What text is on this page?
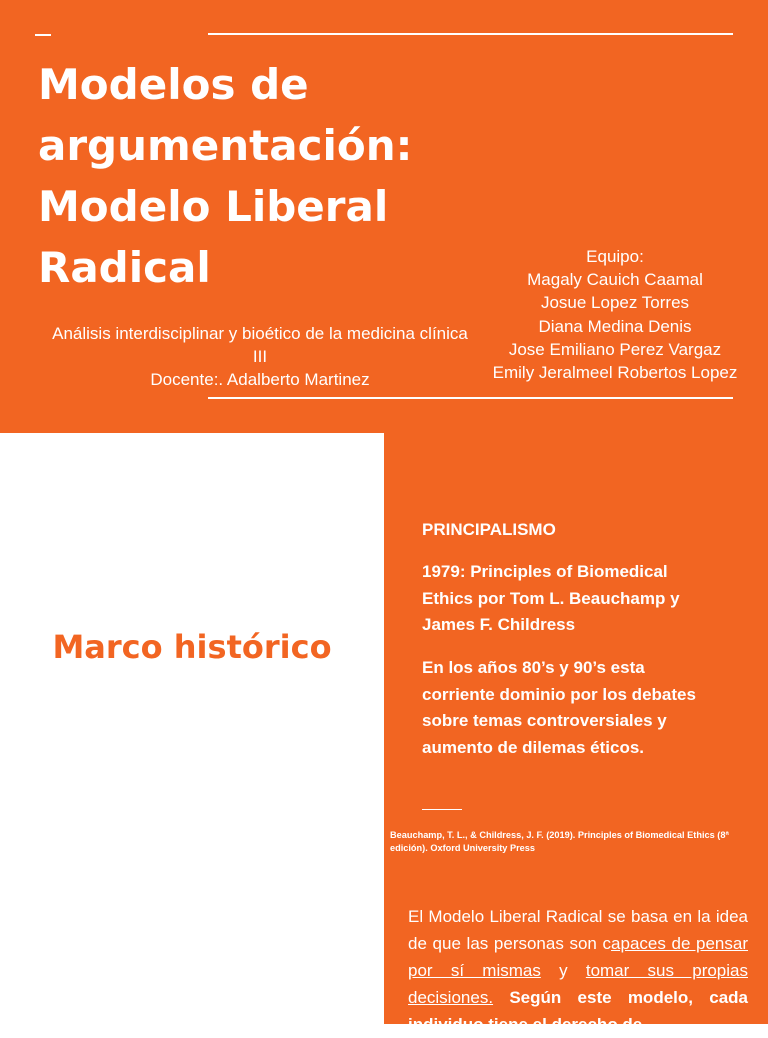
Modelos de argumentación: Modelo Liberal Radical
Análisis interdisciplinar y bioético de la medicina clínica III
Docente:. Adalberto Martinez
Equipo:
Magaly Cauich Caamal
Josue Lopez Torres
Diana Medina Denis
Jose Emiliano Perez Vargaz
Emily Jeralmeel Robertos Lopez
Marco histórico
PRINCIPALISMO
1979: Principles of Biomedical Ethics por Tom L. Beauchamp y James F. Childress
En los años 80’s y 90’s esta corriente dominio por los debates sobre temas controversiales y aumento de dilemas éticos.
Beauchamp, T. L., & Childress, J. F. (2019). Principles of Biomedical Ethics (8ª edición). Oxford University Press
El Modelo Liberal Radical se basa en la idea de que las personas son capaces de pensar por sí mismas y tomar sus propias decisiones. Según este modelo, cada individuo tiene el derecho de
